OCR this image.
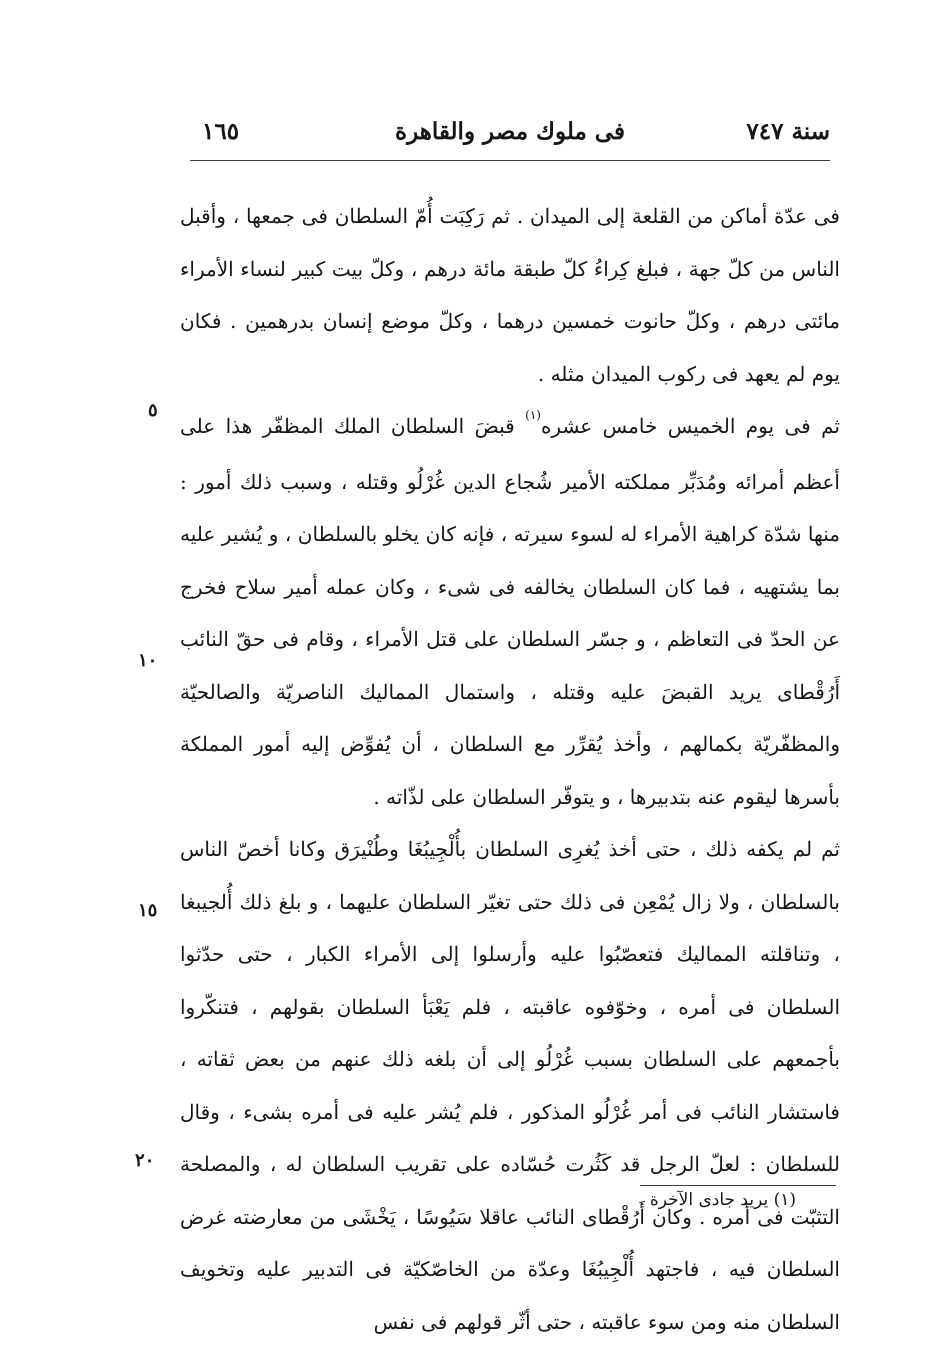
سنة ٧٤٧
فى ملوك مصر والقاهرة
١٦٥

فى عدّة أماكن من القلعة إلى الميدان . ثم رَكِبَت أُمّ السلطان فى جمعها ، وأقبل الناس من كلّ جهة ، فبلغ كِراءُ كلّ طبقة مائة درهم ، وكلّ بيت كبير لنساء الأمراء مائتى درهم ، وكلّ حانوت خمسين درهما ، وكلّ موضع إنسان بدرهمين . فكان يوم لم يعهد فى ركوب الميدان مثله .

ثم فى يوم الخميس خامس عشره$^{(١)}$ قبضَ السلطان الملك المظفّر هذا على أعظم أمرائه ومُدَبِّر مملكته الأمير شُجاع الدين غُرْلُو وقتله ، وسبب ذلك أمور : منها شدّة كراهية الأمراء له لسوء سيرته ، فإنه كان يخلو بالسلطان ، و يُشير عليه بما يشتهيه ، فما كان السلطان يخالفه فى شىء ، وكان عمله أمير سلاح فخرج عن الحدّ فى التعاظم ، و جسّر السلطان على قتل الأمراء ، وقام فى حقّ النائب أَرُقْطاى يريد القبضَ عليه وقتله ، واستمال المماليك الناصريّة والصالحيّة والمظفّريّة بكمالهم ، وأخذ يُقرِّر مع السلطان ، أن يُفوِّض إليه أمور المملكة بأسرها ليقوم عنه بتدبيرها ، و يتوفّر السلطان على لذّاته .

ثم لم يكفه ذلك ، حتى أخذ يُغرِى السلطان بأُلْجِيبُغَا وطُنْيرَق وكانا أخصّ الناس بالسلطان ، ولا زال يُمْعِن فى ذلك حتى تغيّر السلطان عليهما ، و بلغ ذلك أُلجيبغا ، وتناقلته المماليك فتعصّبُوا عليه وأرسلوا إلى الأمراء الكبار ، حتى حدّثوا السلطان فى أمره ، وخوّفوه عاقبته ، فلم يَعْبَأ السلطان بقولهم ، فتنكّروا بأجمعهم على السلطان بسبب غُرْلُو إلى أن بلغه ذلك عنهم من بعض ثقاته ، فاستشار النائب فى أمر غُرْلُو المذكور ، فلم يُشر عليه فى أمره بشىء ، وقال للسلطان : لعلّ الرجل قد كَثُرت حُسّاده على تقريب السلطان له ، والمصلحة التثبّت فى أمره . وكان أَرُقْطاى النائب عاقلا سَيُوسًا ، يَخْشَى من معارضته غرض السلطان فيه ، فاجتهد أُلْجِيبُغَا وعدّة من الخاصّكيّة فى التدبير عليه وتخويف السلطان منه ومن سوء عاقبته ، حتى أثّر قولهم فى نفس

٥
١٠
١٥
٢٠
(١) يريد جادى الآخرة .
